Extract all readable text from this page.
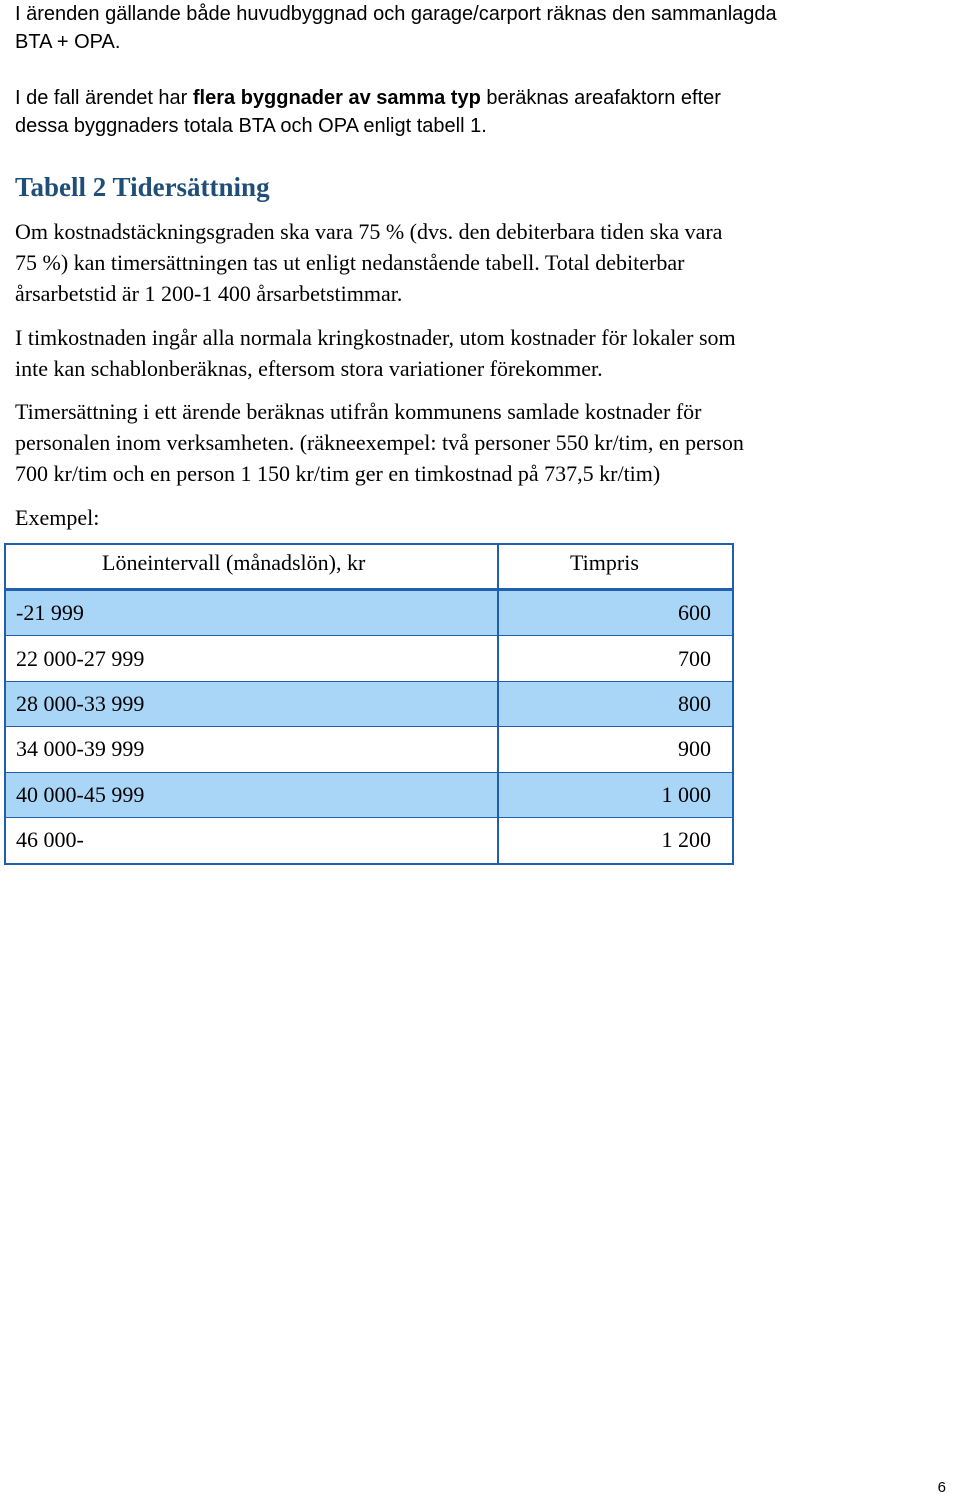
I ärenden gällande både huvudbyggnad och garage/carport räknas den sammanlagda
BTA + OPA.
I de fall ärendet har flera byggnader av samma typ beräknas areafaktorn efter
dessa byggnaders totala BTA och OPA enligt tabell 1.
Tabell 2 Tidersättning
Om kostnadstäckningsgraden ska vara 75 % (dvs. den debiterbara tiden ska vara
75 %) kan timersättningen tas ut enligt nedanstående tabell. Total debiterbar
årsarbetstid är 1 200-1 400 årsarbetstimmar.
I timkostnaden ingår alla normala kringkostnader, utom kostnader för lokaler som
inte kan schablonberäknas, eftersom stora variationer förekommer.
Timersättning i ett ärende beräknas utifrån kommunens samlade kostnader för
personalen inom verksamheten. (räkneexempel: två personer 550 kr/tim, en person
700 kr/tim och en person 1 150 kr/tim ger en timkostnad på 737,5 kr/tim)
Exempel:
Löneintervall (månadslön), kr	Timpris
-21 999	600
22 000-27 999	700
28 000-33 999	800
34 000-39 999	900
40 000-45 999	1 000
46 000-	1 200
6
